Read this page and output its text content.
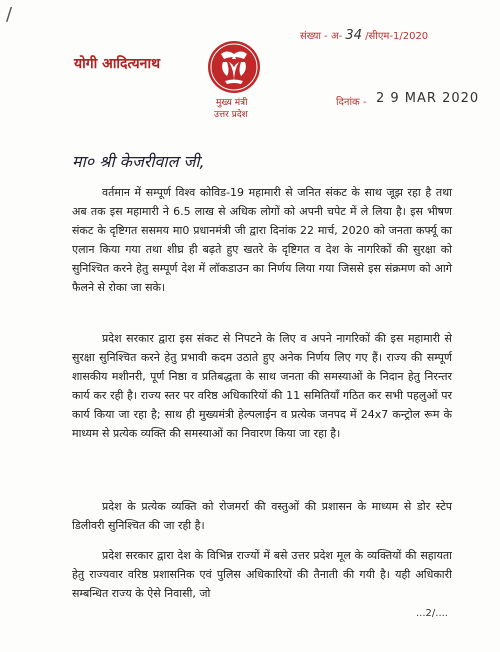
/
संख्या - अ- 34 /सीएम-1/2020
योगी आदित्यनाथ
मुख्य मंत्री
उत्तर प्रदेश
दिनांक - 2 9 MAR 2020
मा० श्री केजरीवाल जी,

वर्तमान में सम्पूर्ण विश्व कोविड-19 महामारी से जनित संकट के साथ जूझ रहा है तथा अब तक इस महामारी ने 6.5 लाख से अधिक लोगों को अपनी चपेट में ले लिया है। इस भीषण संकट के दृष्टिगत ससमय मा0 प्रधानमंत्री जी द्वारा दिनांक 22 मार्च, 2020 को जनता कर्फ्यू का एलान किया गया तथा शीघ्र ही बढ़ते हुए खतरे के दृष्टिगत व देश के नागरिकों की सुरक्षा को सुनिश्चित करने हेतु सम्पूर्ण देश में लॉकडाउन का निर्णय लिया गया जिससे इस संक्रमण को आगे फैलने से रोका जा सके।

प्रदेश सरकार द्वारा इस संकट से निपटने के लिए व अपने नागरिकों की इस महामारी से सुरक्षा सुनिश्चित करने हेतु प्रभावी कदम उठाते हुए अनेक निर्णय लिए गए हैं। राज्य की सम्पूर्ण शासकीय मशीनरी, पूर्ण निष्ठा व प्रतिबद्धता के साथ जनता की समस्याओं के निदान हेतु निरन्तर कार्य कर रही है। राज्य स्तर पर वरिष्ठ अधिकारियों की 11 समितियाँ गठित कर सभी पहलुओं पर कार्य किया जा रहा है; साथ ही मुख्यमंत्री हेल्पलाईन व प्रत्येक जनपद में 24x7 कन्ट्रोल रूम के माध्यम से प्रत्येक व्यक्ति की समस्याओं का निवारण किया जा रहा है।

प्रदेश के प्रत्येक व्यक्ति को रोजमर्रा की वस्तुओं की प्रशासन के माध्यम से डोर स्टेप डिलीवरी सुनिश्चित की जा रही है।

प्रदेश सरकार द्वारा देश के विभिन्न राज्यों में बसे उत्तर प्रदेश मूल के व्यक्तियों की सहायता हेतु राज्यवार वरिष्ठ प्रशासनिक एवं पुलिस अधिकारियों की तैनाती की गयी है। यही अधिकारी सम्बन्धित राज्य के ऐसे निवासी, जो

...2/....
